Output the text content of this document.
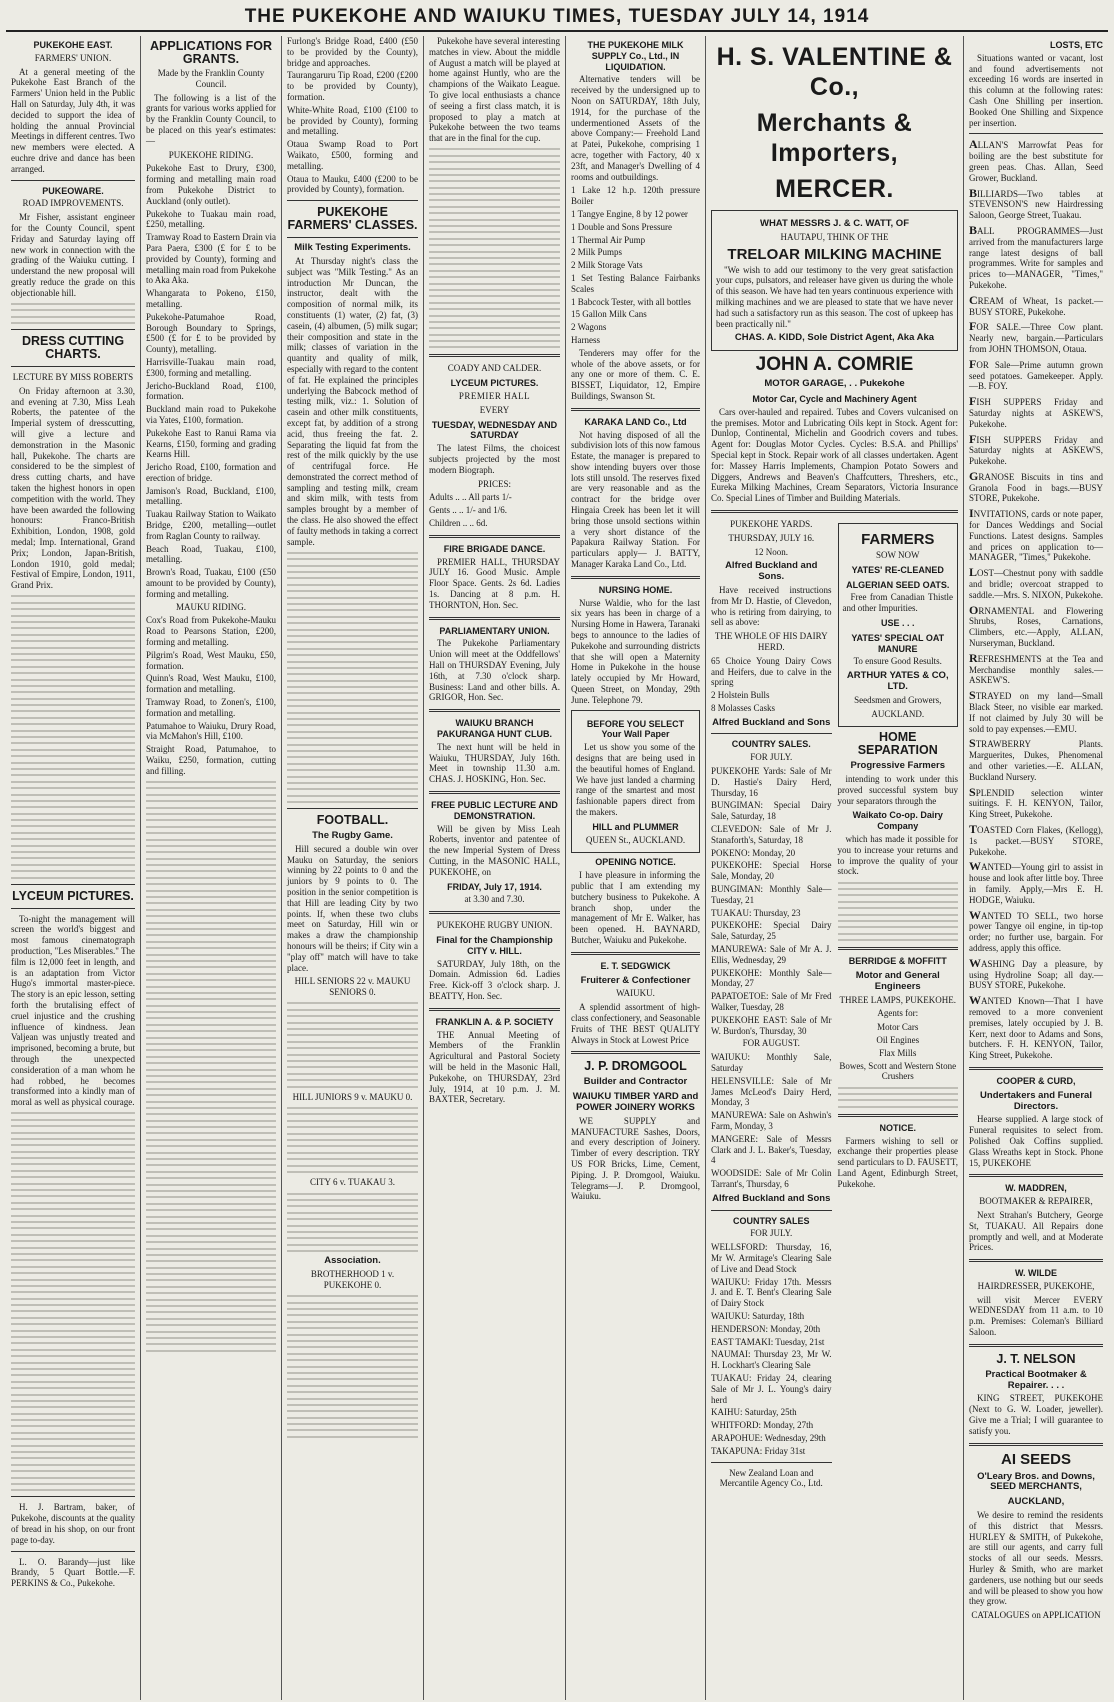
THE PUKEKOHE AND WAIUKU TIMES, TUESDAY JULY 14, 1914
PUKEKOHE EAST.
FARMERS' UNION.

At a general meeting of the Pukekohe East Branch of the Farmers' Union held in the Public Hall on Saturday, July 4th, it was decided to support the idea of holding the annual Provincial Meetings in different centres. Two new members were elected. A euchre drive and dance has been arranged.

PUKEOWARE.
ROAD IMPROVEMENTS.

Mr Fisher, assistant engineer for the County Council, spent Friday and Saturday laying off new work in connection with the grading of the Waiuku cutting. I understand the new proposal will greatly reduce the grade on this objectionable hill.

DRESS CUTTING CHARTS.
LECTURE BY MISS ROBERTS

On Friday afternoon at 3.30, and evening at 7.30, Miss Leah Roberts, the patentee of the Imperial system of dresscutting, will give a lecture and demonstration in the Masonic hall, Pukekohe. The charts are considered to be the simplest of dress cutting charts, and have taken the highest honors in open competition with the world. They have been awarded the following honours: Franco-British Exhibition, London, 1908, gold medal; Imp. International, Grand Prix; London, Japan-British, London 1910, gold medal; Festival of Empire, London, 1911, Grand Prix.

LYCEUM PICTURES.

To-night the management will screen the world's biggest and most famous cinematograph production, "Les Miserables." The film is 12,000 feet in length, and is an adaptation from Victor Hugo's immortal master-piece. The story is an epic lesson, setting forth the brutalising effect of cruel injustice and the crushing influence of kindness. Jean Valjean was unjustly treated and imprisoned, becoming a brute, but through the unexpected consideration of a man whom he had robbed, he becomes transformed into a kindly man of moral as well as physical courage.

H. J. Bartram, baker, of Pukekohe, discounts at the quality of bread in his shop, on our front page to-day.

L. O. Barandy—just like Brandy, 5 Quart Bottle.—F. PERKINS & Co., Pukekohe.

APPLICATIONS FOR GRANTS.
Made by the Franklin County Council.

The following is a list of the grants for various works applied for by the Franklin County Council, to be placed on this year's estimates:—

PUKEKOHE RIDING.

Pukekohe East to Drury, £300, forming and metalling main road from Pukekohe District to Auckland (only outlet).

Pukekohe to Tuakau main road, £250, metalling.

Tramway Road to Eastern Drain via Para Paera, £300 (£ for £ to be provided by County), forming and metalling main road from Pukekohe to Aka Aka.

Whangarata to Pokeno, £150, metalling.

Pukekohe-Patumahoe Road, Borough Boundary to Springs, £500 (£ for £ to be provided by County), metalling.

Harrisville-Tuakau main road, £300, forming and metalling.

Jericho-Buckland Road, £100, formation.

Buckland main road to Pukekohe via Yates, £100, formation.

Pukekohe East to Ranui Rama via Kearns, £150, forming and grading Kearns Hill.

Jericho Road, £100, formation and erection of bridge.

Jamison's Road, Buckland, £100, metalling.

Tuakau Railway Station to Waikato Bridge, £200, metalling—outlet from Raglan County to railway.

Beach Road, Tuakau, £100, metalling.

Brown's Road, Tuakau, £100 (£50 amount to be provided by County), forming and metalling.

MAUKU RIDING.

Cox's Road from Pukekohe-Mauku Road to Pearsons Station, £200, forming and metalling.

Pilgrim's Road, West Mauku, £50, formation.

Quinn's Road, West Mauku, £100, formation and metalling.

Tramway Road, to Zonen's, £100, formation and metalling.

Patumahoe to Waiuku, Drury Road, via McMahon's Hill, £100.

Straight Road, Patumahoe, to Waiku, £250, formation, cutting and filling.

Furlong's Bridge Road, £400 (£50 to be provided by the County), bridge and approaches.

Taurangaruru Tip Road, £200 (£200 to be provided by County), formation.

White-White Road, £100 (£100 to be provided by County), forming and metalling.

Otaua Swamp Road to Port Waikato, £500, forming and metalling.

Otaua to Mauku, £400 (£200 to be provided by County), formation.

PUKEKOHE FARMERS' CLASSES.
Milk Testing Experiments.

At Thursday night's class the subject was "Milk Testing." As an introduction Mr Duncan, the instructor, dealt with the composition of normal milk, its constituents (1) water, (2) fat, (3) casein, (4) albumen, (5) milk sugar; their composition and state in the milk; classes of variation in the quantity and quality of milk, especially with regard to the content of fat. He explained the principles underlying the Babcock method of testing milk, viz.: 1. Solution of casein and other milk constituents, except fat, by addition of a strong acid, thus freeing the fat. 2. Separating the liquid fat from the rest of the milk quickly by the use of centrifugal force. He demonstrated the correct method of sampling and testing milk, cream and skim milk, with tests from samples brought by a member of the class. He also showed the effect of faulty methods in taking a correct sample.

FOOTBALL.
The Rugby Game.

Hill secured a double win over Mauku on Saturday, the seniors winning by 22 points to 0 and the juniors by 9 points to 0. The position in the senior competition is that Hill are leading City by two points. If, when these two clubs meet on Saturday, Hill win or makes a draw the championship honours will be theirs; if City win a "play off" match will have to take place.

HILL SENIORS 22 v. MAUKU SENIORS 0.
HILL JUNIORS 9 v. MAUKU 0.
CITY 6 v. TUAKAU 3.
Association.
BROTHERHOOD 1 v. PUKEKOHE 0.

Pukekohe have several interesting matches in view. About the middle of August a match will be played at home against Huntly, who are the champions of the Waikato League. To give local enthusiasts a chance of seeing a first class match, it is proposed to play a match at Pukekohe between the two teams that are in the final for the cup.

COADY AND CALDER.
LYCEUM PICTURES.
PREMIER HALL
EVERY
TUESDAY, WEDNESDAY AND SATURDAY

The latest Films, the choicest subjects projected by the most modern Biograph.

PRICES:

Adults .. .. All parts 1/-

Gents .. .. 1/- and 1/6.

Children .. .. 6d.

FIRE BRIGADE DANCE.

PREMIER HALL, THURSDAY JULY 16. Good Music. Ample Floor Space. Gents. 2s 6d. Ladies 1s. Dancing at 8 p.m. H. THORNTON, Hon. Sec.

PARLIAMENTARY UNION.

The Pukekohe Parliamentary Union will meet at the Oddfellows' Hall on THURSDAY Evening, July 16th, at 7.30 o'clock sharp. Business: Land and other bills. A. GRIGOR, Hon. Sec.

WAIUKU BRANCH PAKURANGA HUNT CLUB.

The next hunt will be held in Waiuku, THURSDAY, July 16th. Meet in township 11.30 a.m. CHAS. J. HOSKING, Hon. Sec.

FREE PUBLIC LECTURE AND DEMONSTRATION.

Will be given by Miss Leah Roberts, inventor and patentee of the new Imperial System of Dress Cutting, in the MASONIC HALL, PUKEKOHE, on

FRIDAY, July 17, 1914.
at 3.30 and 7.30.
PUKEKOHE RUGBY UNION.
Final for the Championship CITY v. HILL.

SATURDAY, July 18th, on the Domain. Admission 6d. Ladies Free. Kick-off 3 o'clock sharp. J. BEATTY, Hon. Sec.

FRANKLIN A. & P. SOCIETY

THE Annual Meeting of Members of the Franklin Agricultural and Pastoral Society will be held in the Masonic Hall, Pukekohe, on THURSDAY, 23rd July, 1914, at 10 p.m. J. M. BAXTER, Secretary.

THE PUKEKOHE MILK SUPPLY Co., Ltd., IN LIQUIDATION.

Alternative tenders will be received by the undersigned up to Noon on SATURDAY, 18th July, 1914, for the purchase of the undermentioned Assets of the above Company:— Freehold Land at Patei, Pukekohe, comprising 1 acre, together with Factory, 40 x 23ft, and Manager's Dwelling of 4 rooms and outbuildings.

1 Lake 12 h.p. 120th pressure Boiler

1 Tangye Engine, 8 by 12 power

1 Double and Sons Pressure

1 Thermal Air Pump

2 Milk Pumps

2 Milk Storage Vats

1 Set Testing Balance Fairbanks Scales

1 Babcock Tester, with all bottles

15 Gallon Milk Cans

2 Wagons

Harness

Tenderers may offer for the whole of the above assets, or for any one or more of them. C. E. BISSET, Liquidator, 12, Empire Buildings, Swanson St.

KARAKA LAND Co., Ltd

Not having disposed of all the subdivision lots of this now famous Estate, the manager is prepared to show intending buyers over those lots still unsold. The reserves fixed are very reasonable and as the contract for the bridge over Hingaia Creek has been let it will bring those unsold sections within a very short distance of the Papakura Railway Station. For particulars apply— J. BATTY, Manager Karaka Land Co., Ltd.

NURSING HOME.

Nurse Waldie, who for the last six years has been in charge of a Nursing Home in Hawera, Taranaki begs to announce to the ladies of Pukekohe and surrounding districts that she will open a Maternity Home in Pukekohe in the house lately occupied by Mr Howard, Queen Street, on Monday, 29th June. Telephone 79.

BEFORE YOU SELECT Your Wall Paper

Let us show you some of the designs that are being used in the beautiful homes of England. We have just landed a charming range of the smartest and most fashionable papers direct from the makers.

HILL and PLUMMER
QUEEN St., AUCKLAND.
OPENING NOTICE.

I have pleasure in informing the public that I am extending my butchery business to Pukekohe. A branch shop, under the management of Mr E. Walker, has been opened. H. BAYNARD, Butcher, Waiuku and Pukekohe.

E. T. SEDGWICK
Fruiterer & Confectioner
WAIUKU.

A splendid assortment of high-class confectionery, and Seasonable Fruits of THE BEST QUALITY Always in Stock at Lowest Price

J. P. DROMGOOL
Builder and Contractor
WAIUKU TIMBER YARD and POWER JOINERY WORKS

WE SUPPLY and MANUFACTURE Sashes, Doors, and every description of Joinery. Timber of every description. TRY US FOR Bricks, Lime, Cement, Piping. J. P. Dromgool, Waiuku. Telegrams—J. P. Dromgool, Waiuku.

H. S. VALENTINE & Co.,
Merchants & Importers,
MERCER.
WHAT MESSRS J. & C. WATT, OF
HAUTAPU, THINK OF THE
TRELOAR MILKING MACHINE

"We wish to add our testimony to the very great satisfaction your cups, pulsators, and releaser have given us during the whole of this season. We have had ten years continuous experience with milking machines and we are pleased to state that we have never had such a satisfactory run as this season. The cost of upkeep has been practically nil."

CHAS. A. KIDD, Sole District Agent, Aka Aka
JOHN A. COMRIE
MOTOR GARAGE, . . Pukekohe
Motor Car, Cycle and Machinery Agent

Cars over-hauled and repaired. Tubes and Covers vulcanised on the premises. Motor and Lubricating Oils kept in Stock. Agent for: Dunlop, Continental, Michelin and Goodrich covers and tubes. Agent for: Douglas Motor Cycles. Cycles: B.S.A. and Phillips' Special kept in Stock. Repair work of all classes undertaken. Agent for: Massey Harris Implements, Champion Potato Sowers and Diggers, Andrews and Beaven's Chaffcutters, Threshers, etc., Eureka Milking Machines, Cream Separators, Victoria Insurance Co. Special Lines of Timber and Building Materials.

PUKEKOHE YARDS.
THURSDAY, JULY 16.
12 Noon.
Alfred Buckland and Sons.

Have received instructions from Mr D. Hastie, of Clevedon, who is retiring from dairying, to sell as above:

THE WHOLE OF HIS DAIRY HERD.

65 Choice Young Dairy Cows and Heifers, due to calve in the spring

2 Holstein Bulls

8 Molasses Casks

Alfred Buckland and Sons
COUNTRY SALES.
FOR JULY.

PUKEKOHE Yards: Sale of Mr D. Hastie's Dairy Herd, Thursday, 16

BUNGIMAN: Special Dairy Sale, Saturday, 18

CLEVEDON: Sale of Mr J. Stanaforth's, Saturday, 18

POKENO: Monday, 20

PUKEKOHE: Special Horse Sale, Monday, 20

BUNGIMAN: Monthly Sale—Tuesday, 21

TUAKAU: Thursday, 23

PUKEKOHE: Special Dairy Sale, Saturday, 25

MANUREWA: Sale of Mr A. J. Ellis, Wednesday, 29

PUKEKOHE: Monthly Sale—Monday, 27

PAPATOETOE: Sale of Mr Fred Walker, Tuesday, 28

PUKEKOHE EAST: Sale of Mr W. Burdon's, Thursday, 30

FOR AUGUST.

WAIUKU: Monthly Sale, Saturday

HELENSVILLE: Sale of Mr James McLeod's Dairy Herd, Monday, 3

MANUREWA: Sale on Ashwin's Farm, Monday, 3

MANGERE: Sale of Messrs Clark and J. L. Baker's, Tuesday, 4

WOODSIDE: Sale of Mr Colin Tarrant's, Thursday, 6

Alfred Buckland and Sons
COUNTRY SALES
FOR JULY.

WELLSFORD: Thursday, 16, Mr W. Armitage's Clearing Sale of Live and Dead Stock

WAIUKU: Friday 17th. Messrs J. and E. T. Bent's Clearing Sale of Dairy Stock

WAIUKU: Saturday, 18th

HENDERSON: Monday, 20th

EAST TAMAKI: Tuesday, 21st

NAUMAI: Thursday 23, Mr W. H. Lockhart's Clearing Sale

TUAKAU: Friday 24, clearing Sale of Mr J. L. Young's dairy herd

KAIHU: Saturday, 25th

WHITFORD: Monday, 27th

ARAPOHUE: Wednesday, 29th

TAKAPUNA: Friday 31st

New Zealand Loan and Mercantile Agency Co., Ltd.
FARMERS
SOW NOW
YATES' RE-CLEANED
ALGERIAN SEED OATS.

Free from Canadian Thistle and other Impurities.

USE . . .
YATES' SPECIAL OAT MANURE
To ensure Good Results.
ARTHUR YATES & CO, LTD.
Seedsmen and Growers,
AUCKLAND.
HOME SEPARATION
Progressive Farmers

intending to work under this proved successful system buy your separators through the

Waikato Co-op. Dairy Company

which has made it possible for you to increase your returns and to improve the quality of your stock.

BERRIDGE & MOFFITT
Motor and General Engineers
THREE LAMPS, PUKEKOHE.
Agents for:

Motor Cars

Oil Engines

Flax Mills

Bowes, Scott and Western Stone Crushers

NOTICE.

Farmers wishing to sell or exchange their properties please send particulars to D. FAUSETT, Land Agent, Edinburgh Street, Pukekohe.

LOSTS, ETC

Situations wanted or vacant, lost and found advertisements not exceeding 16 words are inserted in this column at the following rates: Cash One Shilling per insertion. Booked One Shilling and Sixpence per insertion.

ALLAN'S Marrowfat Peas for boiling are the best substitute for green peas. Chas. Allan, Seed Grower, Buckland.

BILLIARDS—Two tables at STEVENSON'S new Hairdressing Saloon, George Street, Tuakau.

BALL PROGRAMMES—Just arrived from the manufacturers large range latest designs of ball programmes. Write for samples and prices to—MANAGER, "Times," Pukekohe.

CREAM of Wheat, 1s packet.—BUSY STORE, Pukekohe.

FOR SALE.—Three Cow plant. Nearly new, bargain.—Particulars from JOHN THOMSON, Otaua.

FOR Sale—Prime autumn grown seed potatoes. Gamekeeper. Apply.—B. FOY.

FISH SUPPERS Friday and Saturday nights at ASKEW'S, Pukekohe.

FISH SUPPERS Friday and Saturday nights at ASKEW'S, Pukekohe.

GRANOSE Biscuits in tins and Granola Food in bags.—BUSY STORE, Pukekohe.

INVITATIONS, cards or note paper, for Dances Weddings and Social Functions. Latest designs. Samples and prices on application to—MANAGER, "Times," Pukekohe.

LOST—Chestnut pony with saddle and bridle; overcoat strapped to saddle.—Mrs. S. NIXON, Pukekohe.

ORNAMENTAL and Flowering Shrubs, Roses, Carnations, Climbers, etc.—Apply, ALLAN, Nurseryman, Buckland.

REFRESHMENTS at the Tea and Merchandise monthly sales.—ASKEW'S.

STRAYED on my land—Small Black Steer, no visible ear marked. If not claimed by July 30 will be sold to pay expenses.—EMU.

STRAWBERRY Plants. Marguerites, Dukes, Phenomenal and other varieties.—E. ALLAN, Buckland Nursery.

SPLENDID selection winter suitings. F. H. KENYON, Tailor, King Street, Pukekohe.

TOASTED Corn Flakes, (Kellogg), 1s packet.—BUSY STORE, Pukekohe.

WANTED—Young girl to assist in house and look after little boy. Three in family. Apply,—Mrs E. H. HODGE, Waiuku.

WANTED TO SELL, two horse power Tangye oil engine, in tip-top order; no further use, bargain. For address, apply this office.

WASHING Day a pleasure, by using Hydroline Soap; all day.—BUSY STORE, Pukekohe.

WANTED Known—That I have removed to a more convenient premises, lately occupied by J. B. Kerr, next door to Adams and Sons, butchers. F. H. KENYON, Tailor, King Street, Pukekohe.

COOPER & CURD,
Undertakers and Funeral Directors.

Hearse supplied. A large stock of Funeral requisites to select from. Polished Oak Coffins supplied. Glass Wreaths kept in Stock. Phone 15, PUKEKOHE

W. MADDREN,
BOOTMAKER & REPAIRER,

Next Strahan's Butchery, George St, TUAKAU. All Repairs done promptly and well, and at Moderate Prices.

W. WILDE
HAIRDRESSER, PUKEKOHE,

will visit Mercer EVERY WEDNESDAY from 11 a.m. to 10 p.m. Premises: Coleman's Billiard Saloon.

J. T. NELSON
Practical Bootmaker & Repairer. . . .

KING STREET, PUKEKOHE (Next to G. W. Loader, jeweller). Give me a Trial; I will guarantee to satisfy you.

AI SEEDS
O'Leary Bros. and Downs, SEED MERCHANTS,
AUCKLAND,

We desire to remind the residents of this district that Messrs. HURLEY & SMITH, of Pukekohe, are still our agents, and carry full stocks of all our seeds. Messrs. Hurley & Smith, who are market gardeners, use nothing but our seeds and will be pleased to show you how they grow.

CATALOGUES on APPLICATION
